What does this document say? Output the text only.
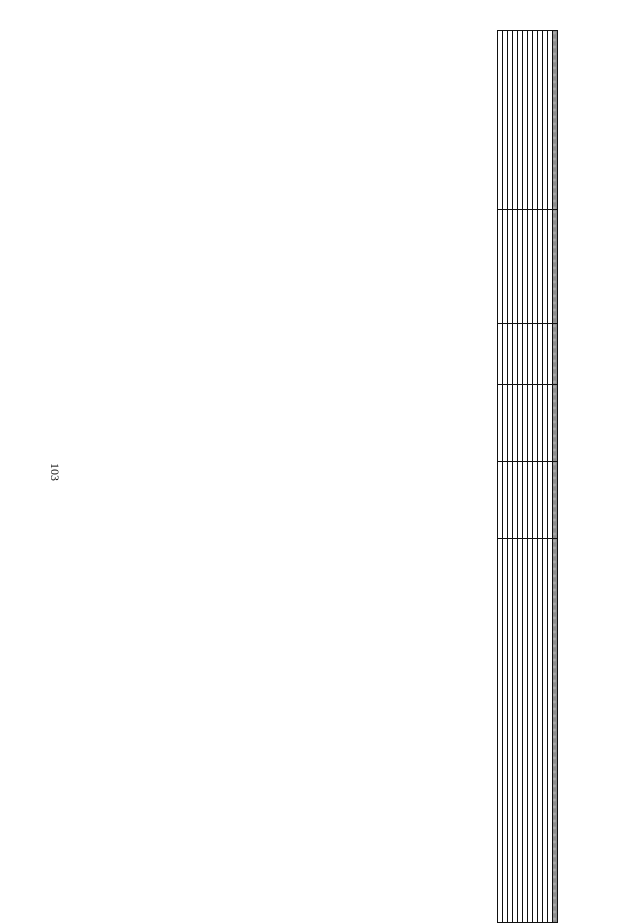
103
